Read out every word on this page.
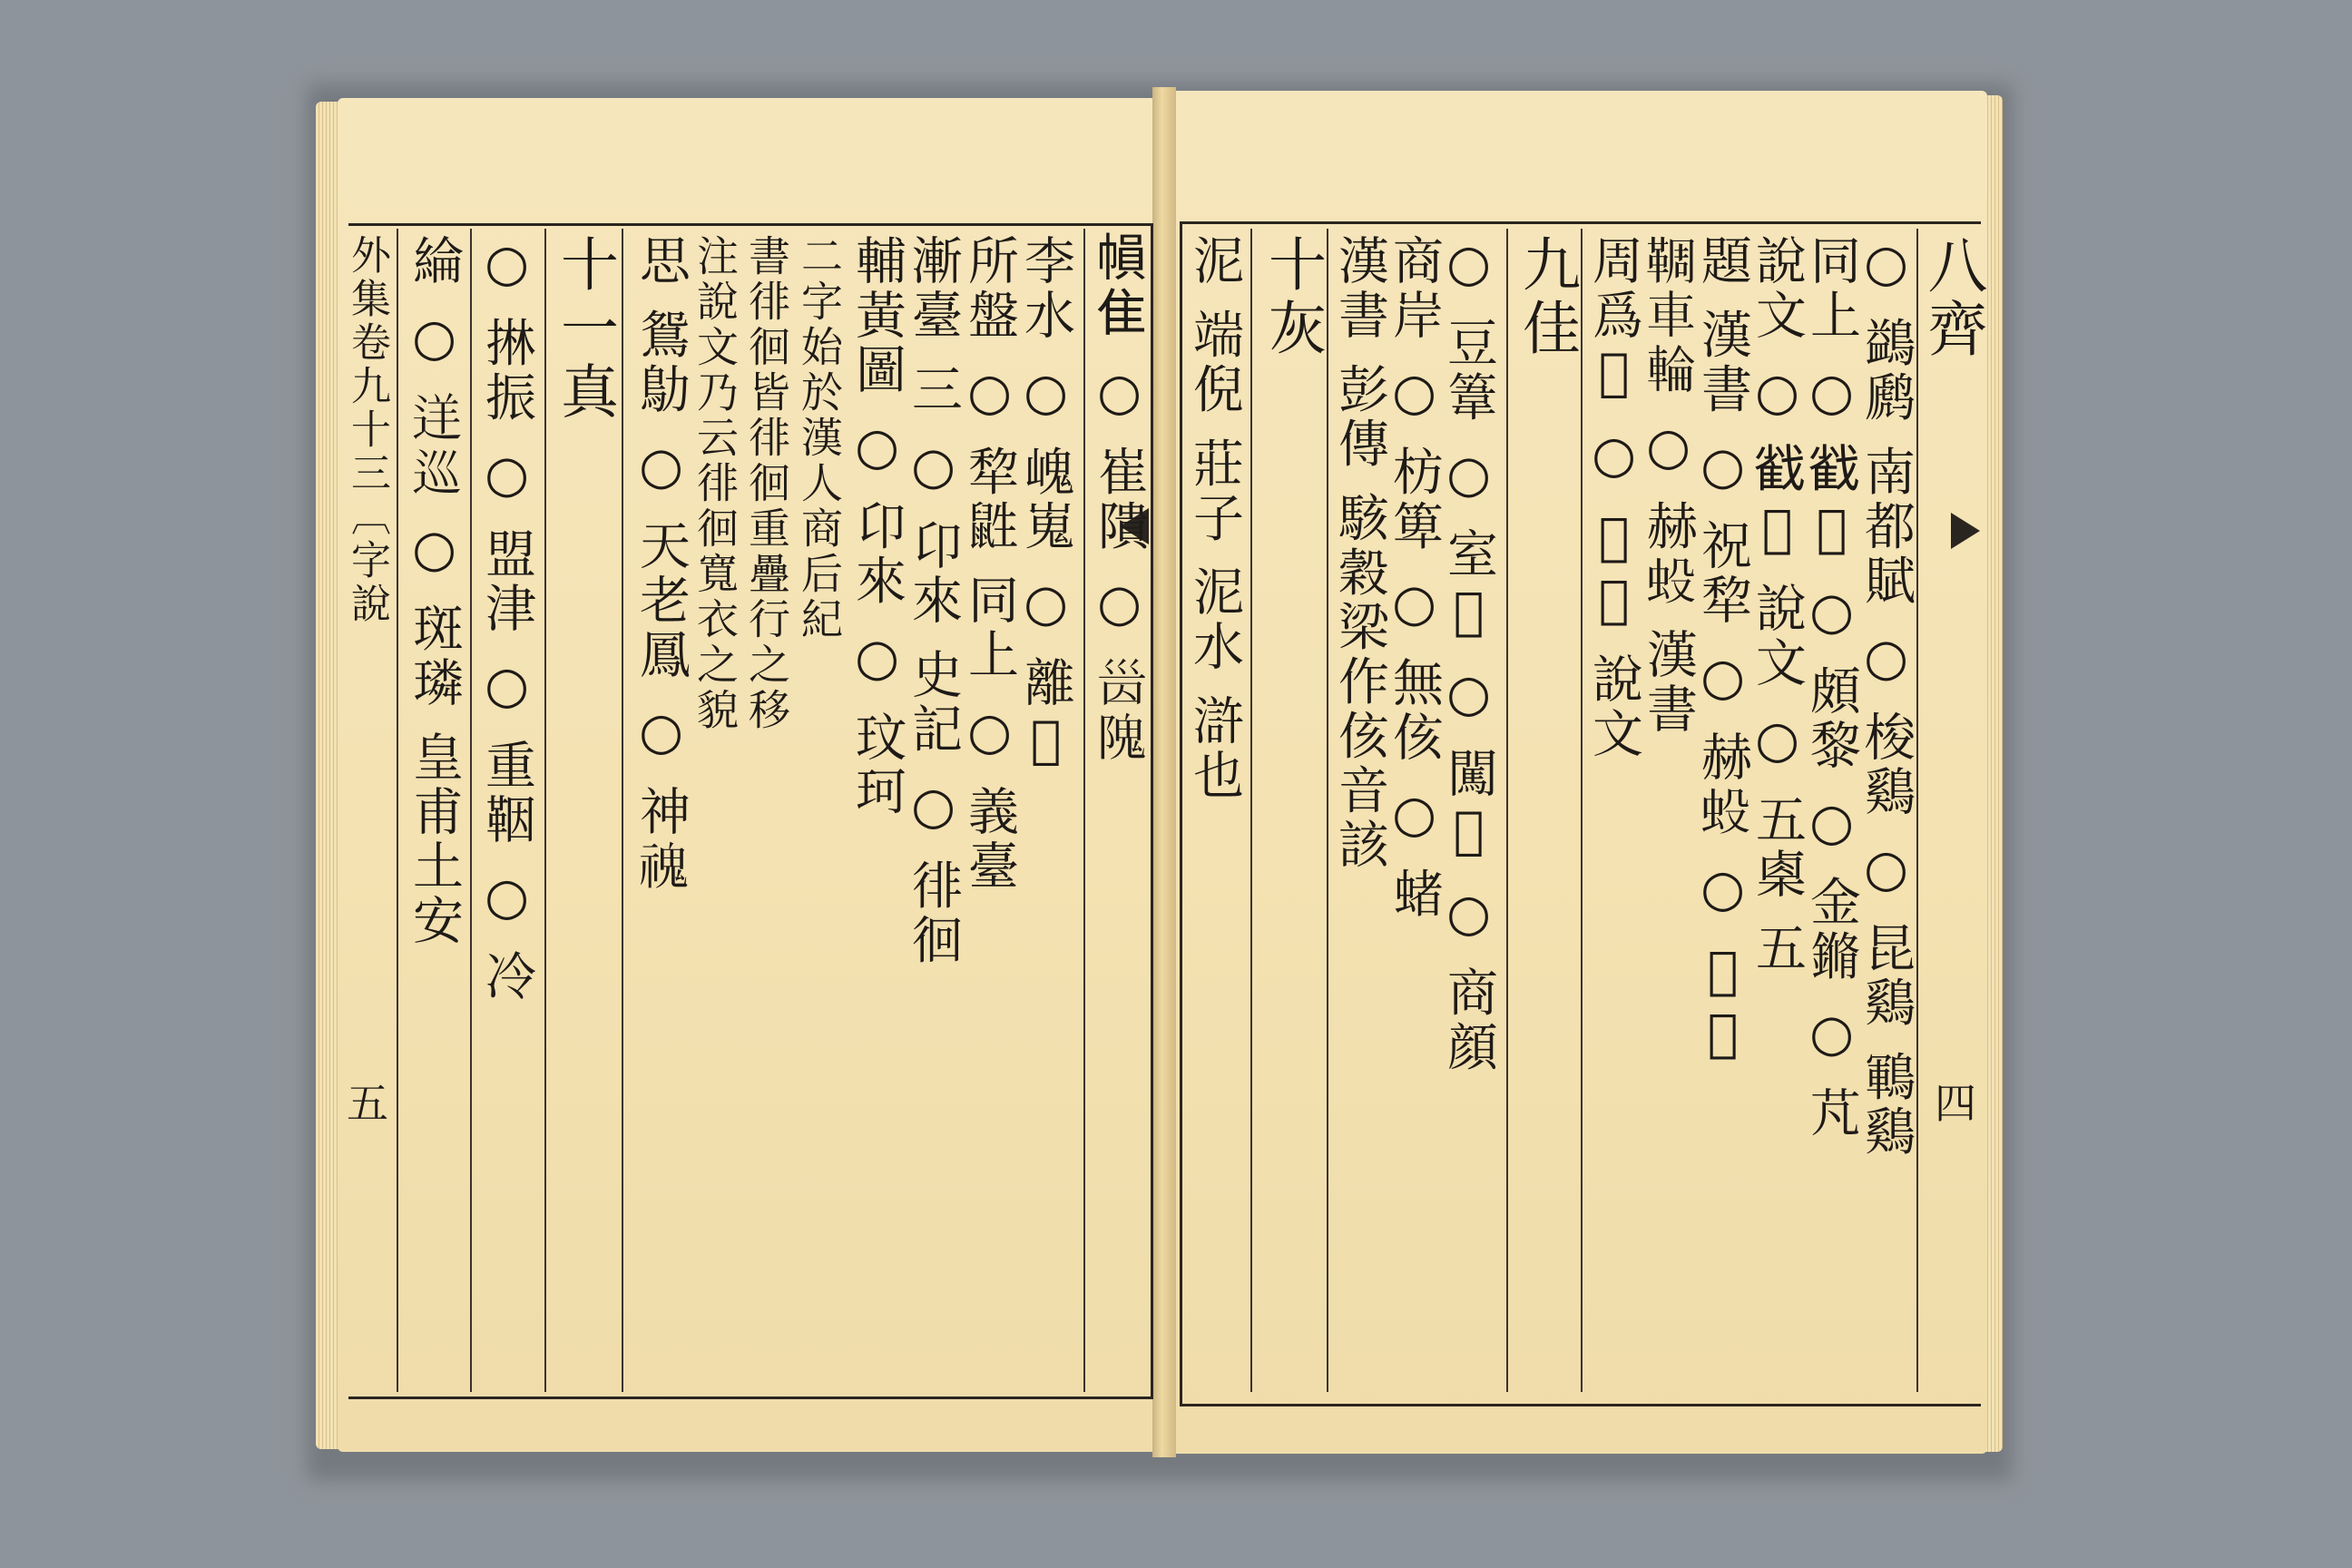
外集卷九十三〔字說 綸 ○ 𨒫巡 ○ 斑璘 皇甫土安 ○ 㨆振 ○ 盟津 ○ 重鞇 ○ 冷 十一真 思 鴛鳨 ○ 天老鳳 ○ 神𩲡 注說文乃云徘徊寬衣之貌 書徘徊皆徘徊重疊行之移 二字始於漢人商后紀 輔黃圖 ○ 卬來 ○ 玟珂
漸臺 三 ○ 卬來 史記 ○ 徘徊
所盤 ○ 犂鼪 同上 ○ 義臺
李水 ○ 㟴嵬 ○ 離𩀱 𢄙隹 ○ 崔隤 ○ 𡿸隗
五
泥 端倪 莊子 泥水 滸也 十灰 漢書 彭傳 駭穀梁作侅音該
商岸 ○ 枋箄 ○ 無侅 ○ 蝫
○ 豆𥯤 ○ 室𡒪 ○ 闖𠧁 ○ 商顔 九佳 周爲𠊜 ○ 𠊜𠊜 說文
𩋙車輪 ○ 赫𧈻 漢書
題 漢書 ○ 祝犂 ○ 赫𧈻 ○ 𠊜𠊜
說文 ○ 𢧵𢢋 說文 ○ 五㮚 五
同上 ○ 𢧵𢢋 ○ 頗黎 ○ 金鏅 ○ 芃
○ 鷁䴘 南都賦 ○ 梭鷄 ○ 昆鷄 鶤鷄 八齊
四
